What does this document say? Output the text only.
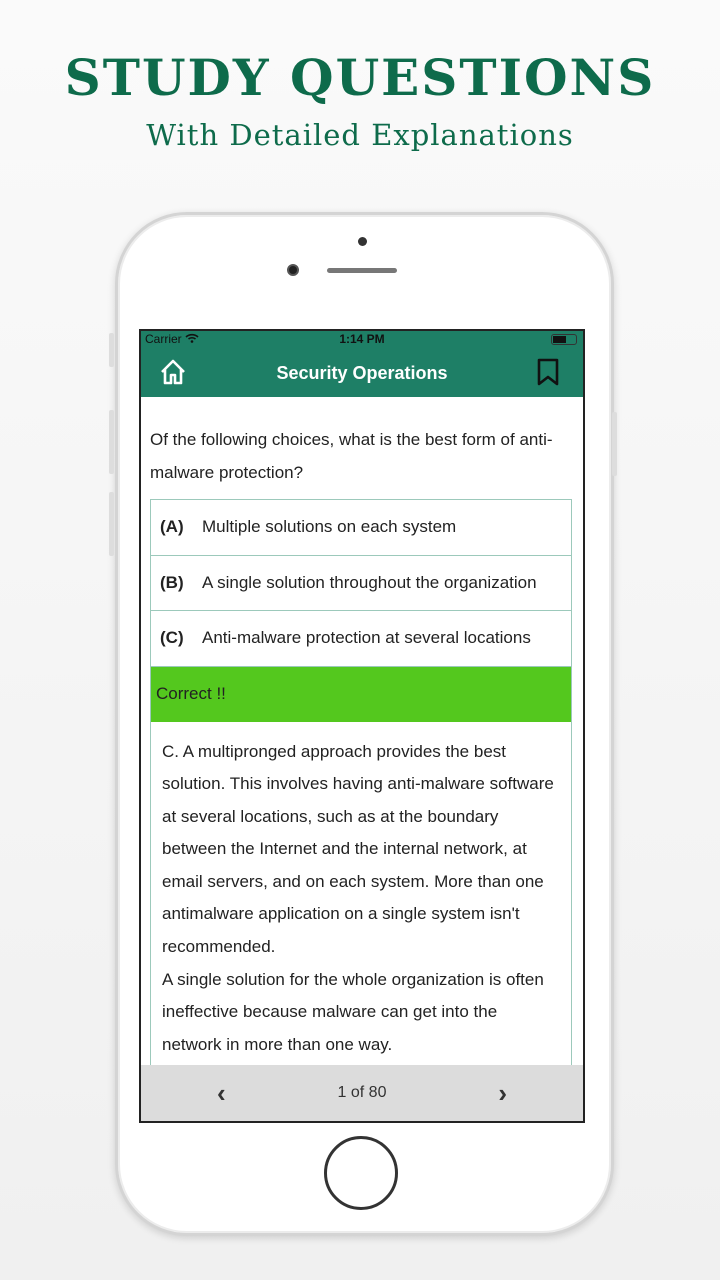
STUDY QUESTIONS
With Detailed Explanations
Carrier	1:14 PM
Security Operations
Of the following choices, what is the best form of anti-malware protection?
(A)	Multiple solutions on each system
(B)	A single solution throughout the organization
(C)	Anti-malware protection at several locations
Correct !!
C. A multipronged approach provides the best solution. This involves having anti-malware software at several locations, such as at the boundary between the Internet and the internal network, at email servers, and on each system. More than one antimalware application on a single system isn't recommended.
A single solution for the whole organization is often ineffective because malware can get into the network in more than one way.
‹	1 of 80	›
